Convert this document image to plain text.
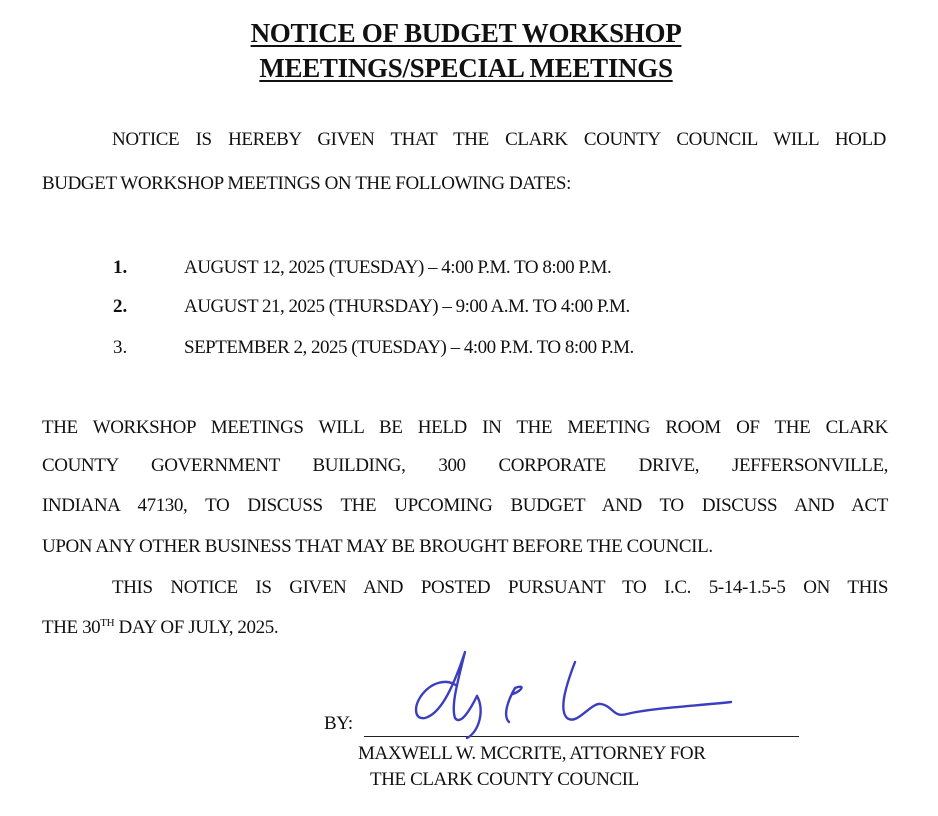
NOTICE OF BUDGET WORKSHOP
MEETINGS/SPECIAL MEETINGS
NOTICE IS HEREBY GIVEN THAT THE CLARK COUNTY COUNCIL WILL HOLD
BUDGET WORKSHOP MEETINGS ON THE FOLLOWING DATES:
1.	AUGUST 12, 2025 (TUESDAY) – 4:00 P.M. TO 8:00 P.M.
2.	AUGUST 21, 2025 (THURSDAY) – 9:00 A.M. TO 4:00 P.M.
3.	SEPTEMBER 2, 2025 (TUESDAY) – 4:00 P.M. TO 8:00 P.M.
THE WORKSHOP MEETINGS WILL BE HELD IN THE MEETING ROOM OF THE CLARK
COUNTY GOVERNMENT BUILDING, 300 CORPORATE DRIVE, JEFFERSONVILLE,
INDIANA 47130, TO DISCUSS THE UPCOMING BUDGET AND TO DISCUSS AND ACT
UPON ANY OTHER BUSINESS THAT MAY BE BROUGHT BEFORE THE COUNCIL.
THIS NOTICE IS GIVEN AND POSTED PURSUANT TO I.C. 5-14-1.5-5 ON THIS
THE 30TH DAY OF JULY, 2025.
BY:
MAXWELL W. MCCRITE, ATTORNEY FOR
THE CLARK COUNTY COUNCIL
